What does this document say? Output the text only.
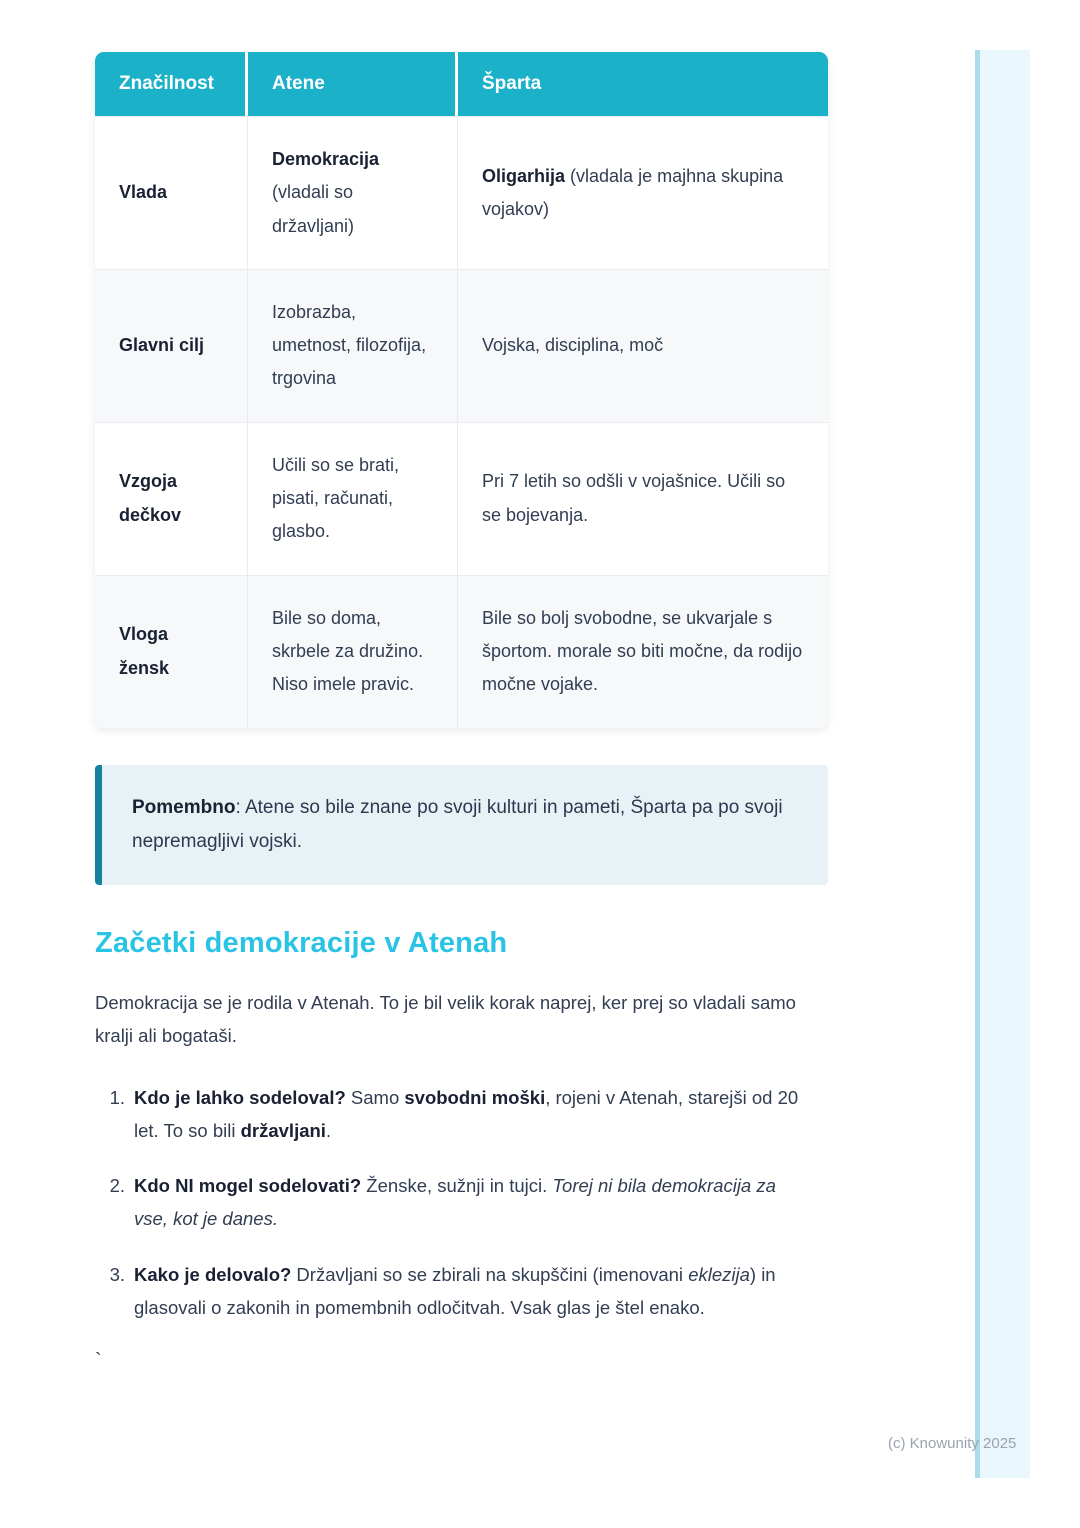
Značilnost	Atene	Šparta
Vlada	Demokracija (vladali so državljani)	Oligarhija (vladala je majhna skupina vojakov)
Glavni cilj	Izobrazba, umetnost, filozofija, trgovina	Vojska, disciplina, moč
Vzgoja dečkov	Učili so se brati, pisati, računati, glasbo.	Pri 7 letih so odšli v vojašnice. Učili so se bojevanja.
Vloga žensk	Bile so doma, skrbele za družino. Niso imele pravic.	Bile so bolj svobodne, se ukvarjale s športom. morale so biti močne, da rodijo močne vojake.
Pomembno: Atene so bile znane po svoji kulturi in pameti, Šparta pa po svoji nepremagljivi vojski.
Začetki demokracije v Atenah

Demokracija se je rodila v Atenah. To je bil velik korak naprej, ker prej so vladali samo kralji ali bogataši.

1. Kdo je lahko sodeloval? Samo svobodni moški, rojeni v Atenah, starejši od 20 let. To so bili državljani.
2. Kdo NI mogel sodelovati? Ženske, sužnji in tujci. Torej ni bila demokracija za vse, kot je danes.
3. Kako je delovalo? Državljani so se zbirali na skupščini (imenovani eklezija) in glasovali o zakonih in pomembnih odločitvah. Vsak glas je štel enako.
`
(c) Knowunity 2025
